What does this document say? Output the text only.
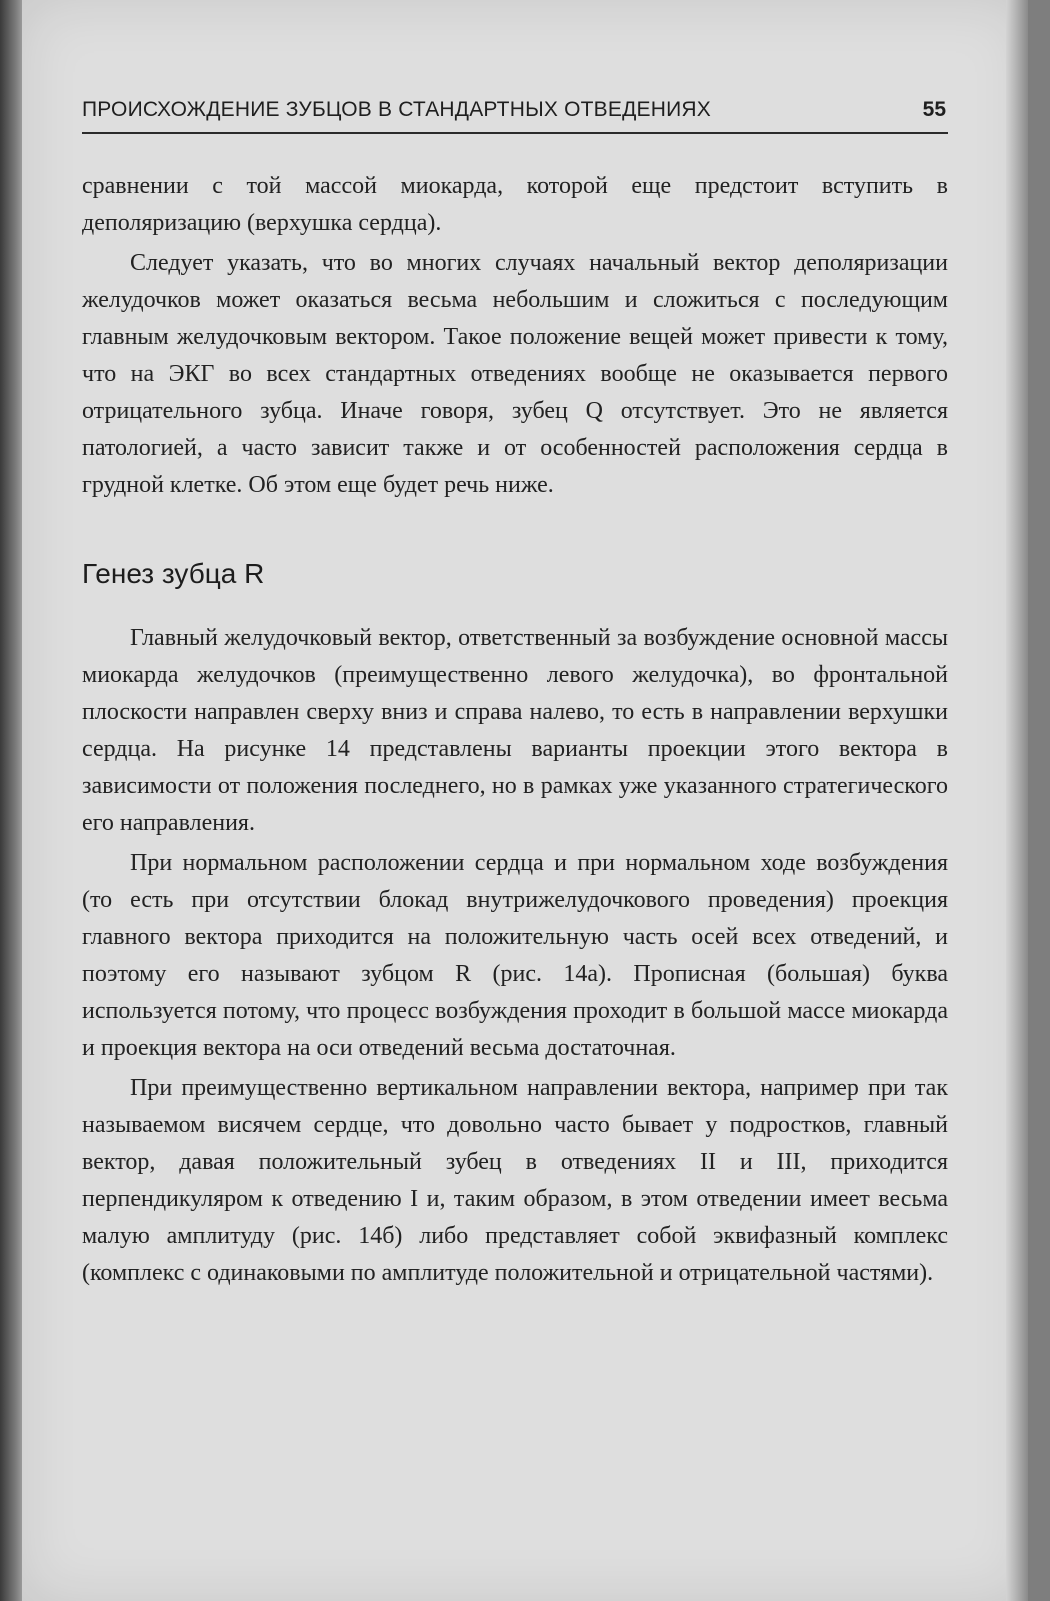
ПРОИСХОЖДЕНИЕ ЗУБЦОВ В СТАНДАРТНЫХ ОТВЕДЕНИЯХ	55

сравнении с той массой миокарда, которой еще предстоит вступить в деполяризацию (верхушка сердца).

Следует указать, что во многих случаях начальный вектор деполяризации желудочков может оказаться весьма небольшим и сложиться с последующим главным желудочковым вектором. Такое положение вещей может привести к тому, что на ЭКГ во всех стандартных отведениях вообще не оказывается первого отрицательного зубца. Иначе говоря, зубец Q отсутствует. Это не является патологией, а часто зависит также и от особенностей расположения сердца в грудной клетке. Об этом еще будет речь ниже.

Генез зубца R

Главный желудочковый вектор, ответственный за возбуждение основной массы миокарда желудочков (преимущественно левого желудочка), во фронтальной плоскости направлен сверху вниз и справа налево, то есть в направлении верхушки сердца. На рисунке 14 представлены варианты проекции этого вектора в зависимости от положения последнего, но в рамках уже указанного стратегического его направления.

При нормальном расположении сердца и при нормальном ходе возбуждения (то есть при отсутствии блокад внутрижелудочкового проведения) проекция главного вектора приходится на положительную часть осей всех отведений, и поэтому его называют зубцом R (рис. 14а). Прописная (большая) буква используется потому, что процесс возбуждения проходит в большой массе миокарда и проекция вектора на оси отведений весьма достаточная.

При преимущественно вертикальном направлении вектора, например при так называемом висячем сердце, что довольно часто бывает у подростков, главный вектор, давая положительный зубец в отведениях II и III, приходится перпендикуляром к отведению I и, таким образом, в этом отведении имеет весьма малую амплитуду (рис. 14б) либо представляет собой эквифазный комплекс (комплекс с одинаковыми по амплитуде положительной и отрицательной частями).
